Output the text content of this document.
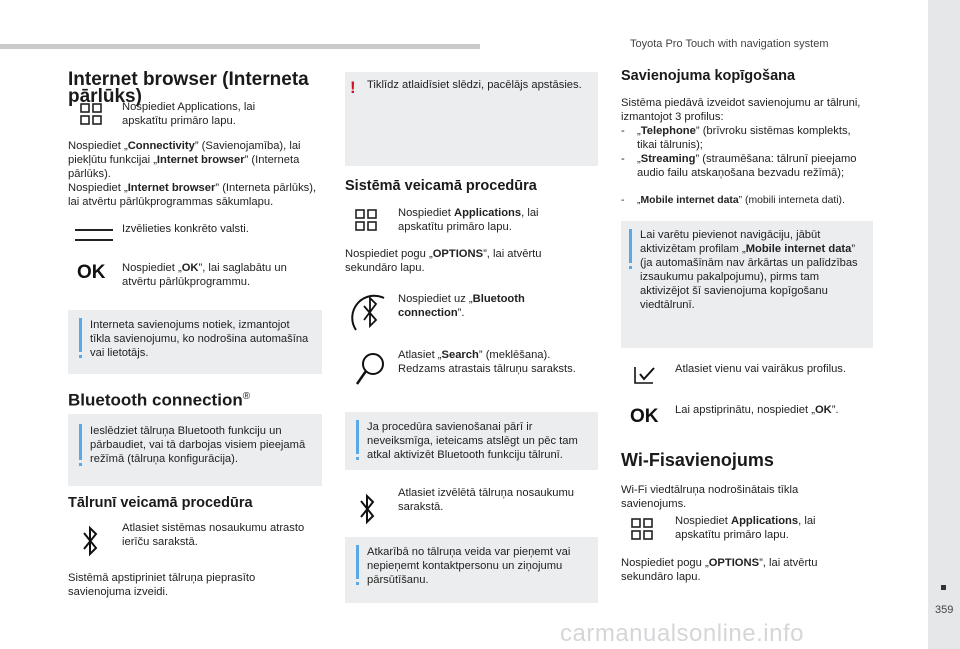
Toyota Pro Touch with navigation system
359
carmanualsonline.info
Internet browser (Interneta pārlūks)
Nospiediet Applications, lai apskatītu primāro lapu.
Nospiediet „Connectivity” (Savienojamība), lai piekļūtu funkcijai „Internet browser” (Interneta pārlūks).
Nospiediet „Internet browser” (Interneta pārlūks), lai atvērtu pārlūkprogrammas sākumlapu.
Izvēlieties konkrēto valsti.
OK Nospiediet „OK”, lai saglabātu un atvērtu pārlūkprogrammu.
Interneta savienojums notiek, izmantojot tīkla savienojumu, ko nodrošina automašīna vai lietotājs.
Bluetooth connection®
Ieslēdziet tālruņa Bluetooth funkciju un pārbaudiet, vai tā darbojas visiem pieejamā režīmā (tālruņa konfigurācija).
Tālrunī veicamā procedūra
Atlasiet sistēmas nosaukumu atrasto ierīču sarakstā.
Sistēmā apstipriniet tālruņa pieprasīto savienojuma izveidi.
! Tiklīdz atlaidīsiet slēdzi, pacēlājs apstāsies.
Sistēmā veicamā procedūra
Nospiediet Applications, lai apskatītu primāro lapu.
Nospiediet pogu „OPTIONS”, lai atvērtu sekundāro lapu.
Nospiediet uz „Bluetooth connection”.
Atlasiet „Search” (meklēšana). Redzams atrastais tālruņu saraksts.
Ja procedūra savienošanai pārī ir neveiksmīga, ieteicams atslēgt un pēc tam atkal aktivizēt Bluetooth funkciju tālrunī.
Atlasiet izvēlētā tālruņa nosaukumu sarakstā.
Atkarībā no tālruņa veida var pieņemt vai nepieņemt kontaktpersonu un ziņojumu pārsūtīšanu.
Savienojuma kopīgošana
Sistēma piedāvā izveidot savienojumu ar tālruni, izmantojot 3 profilus:
- „Telephone” (brīvroku sistēmas komplekts, tikai tālrunis);
- „Streaming” (straumēšana: tālrunī pieejamo audio failu atskaņošana bezvadu režīmā);
- „Mobile internet data” (mobili interneta dati).
Lai varētu pievienot navigāciju, jābūt aktivizētam profilam „Mobile internet data” (ja automašīnām nav ārkārtas un palīdzības izsaukumu pakalpojumu), pirms tam aktivizējot šī savienojuma kopīgošanu viedtālrunī.
Atlasiet vienu vai vairākus profilus.
OK Lai apstiprinātu, nospiediet „OK”.
Wi-Fisavienojums
Wi-Fi viedtālruņa nodrošinātais tīkla savienojums.
Nospiediet Applications, lai apskatītu primāro lapu.
Nospiediet pogu „OPTIONS”, lai atvērtu sekundāro lapu.
